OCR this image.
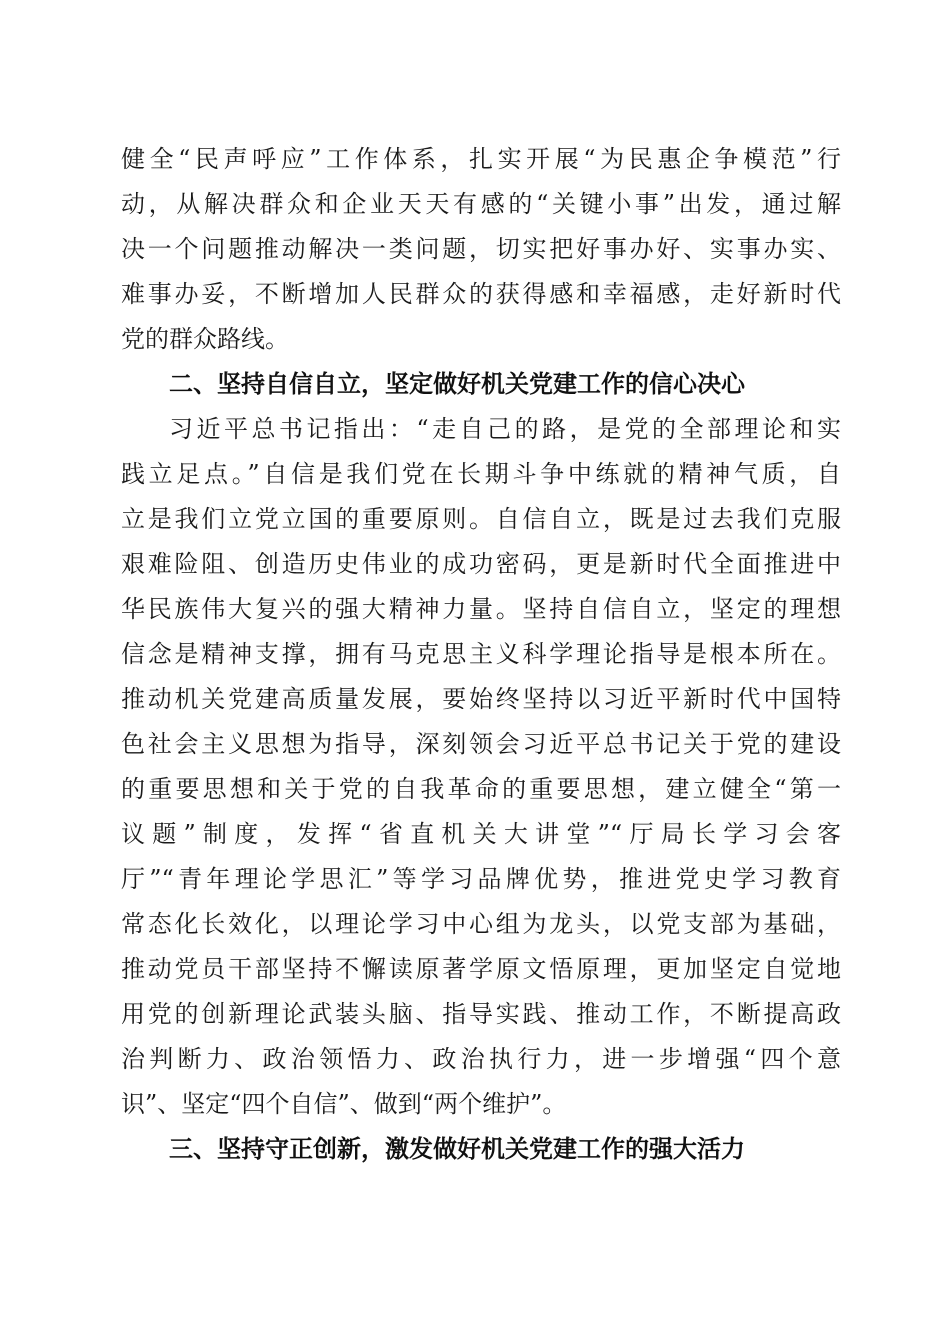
健全“民声呼应”工作体系，扎实开展“为民惠企争模范”行
动，从解决群众和企业天天有感的“关键小事”出发，通过解
决一个问题推动解决一类问题，切实把好事办好、实事办实、
难事办妥，不断增加人民群众的获得感和幸福感，走好新时代
党的群众路线。
二、坚持自信自立，坚定做好机关党建工作的信心决心
习近平总书记指出：“走自己的路，是党的全部理论和实
践立足点。”自信是我们党在长期斗争中练就的精神气质，自
立是我们立党立国的重要原则。自信自立，既是过去我们克服
艰难险阻、创造历史伟业的成功密码，更是新时代全面推进中
华民族伟大复兴的强大精神力量。坚持自信自立，坚定的理想
信念是精神支撑，拥有马克思主义科学理论指导是根本所在。
推动机关党建高质量发展，要始终坚持以习近平新时代中国特
色社会主义思想为指导，深刻领会习近平总书记关于党的建设
的重要思想和关于党的自我革命的重要思想，建立健全“第一
议题”制度，发挥“省直机关大讲堂”“厅局长学习会客
厅”“青年理论学思汇”等学习品牌优势，推进党史学习教育
常态化长效化，以理论学习中心组为龙头，以党支部为基础，
推动党员干部坚持不懈读原著学原文悟原理，更加坚定自觉地
用党的创新理论武装头脑、指导实践、推动工作，不断提高政
治判断力、政治领悟力、政治执行力，进一步增强“四个意
识”、坚定“四个自信”、做到“两个维护”。
三、坚持守正创新，激发做好机关党建工作的强大活力
